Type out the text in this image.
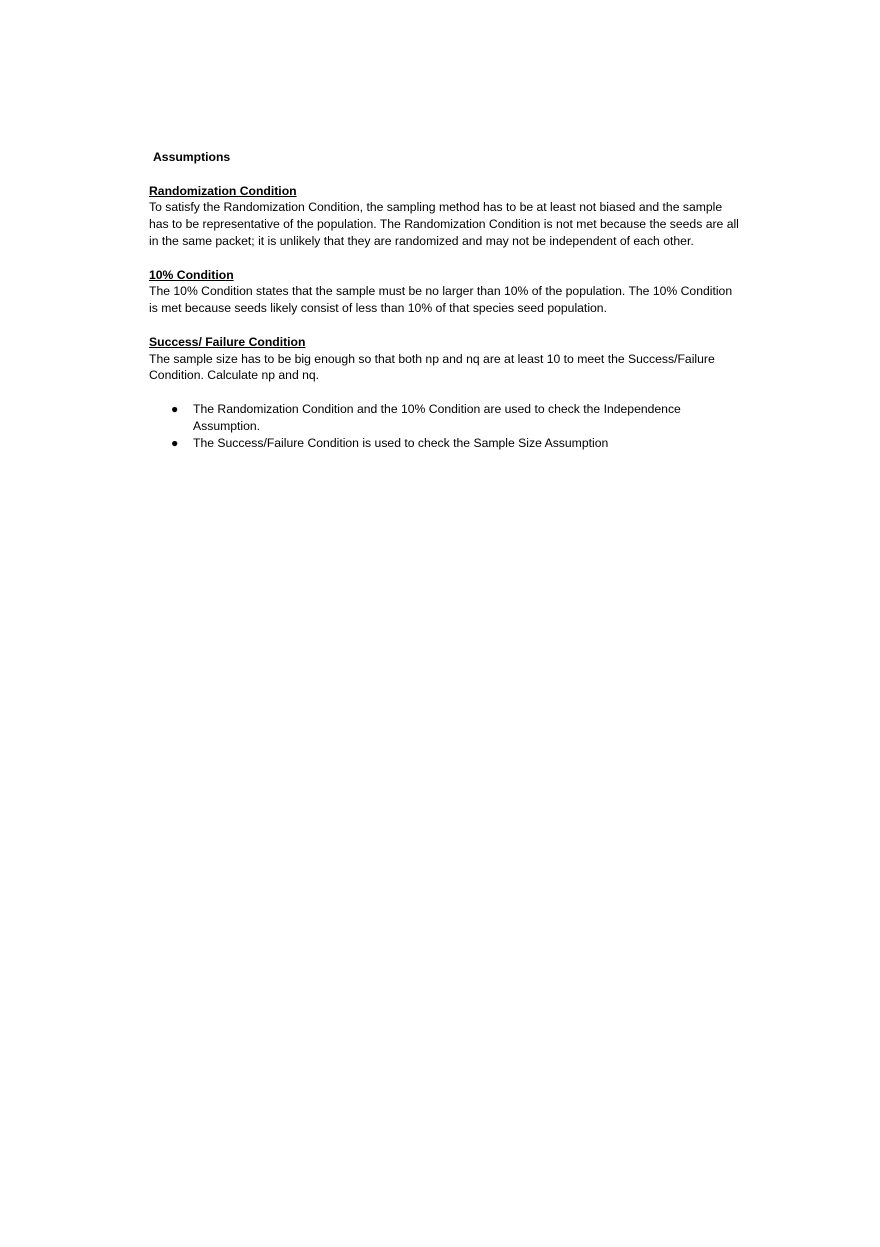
Assumptions
Randomization Condition

To satisfy the Randomization Condition, the sampling method has to be at least not biased and the sample has to be representative of the population. The Randomization Condition is not met because the seeds are all in the same packet; it is unlikely that they are randomized and may not be independent of each other.

10% Condition

The 10% Condition states that the sample must be no larger than 10% of the population. The 10% Condition is met because seeds likely consist of less than 10% of that species seed population.

Success/ Failure Condition

The sample size has to be big enough so that both np and nq are at least 10 to meet the Success/Failure Condition. Calculate np and nq.

● The Randomization Condition and the 10% Condition are used to check the Independence Assumption.
● The Success/Failure Condition is used to check the Sample Size Assumption
